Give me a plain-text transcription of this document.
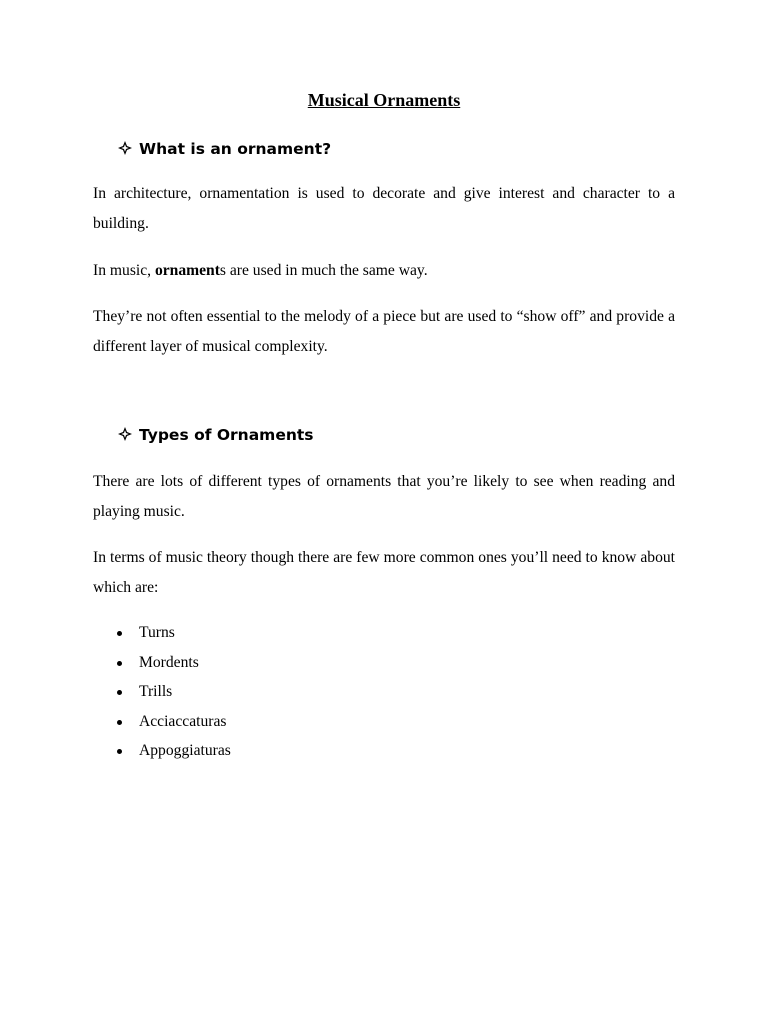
Musical Ornaments
What is an ornament?

In architecture, ornamentation is used to decorate and give interest and character to a building.

In music, ornaments are used in much the same way.

They’re not often essential to the melody of a piece but are used to “show off” and provide a different layer of musical complexity.

Types of Ornaments

There are lots of different types of ornaments that you’re likely to see when reading and playing music.

In terms of music theory though there are few more common ones you’ll need to know about which are:

Turns
Mordents
Trills
Acciaccaturas
Appoggiaturas
